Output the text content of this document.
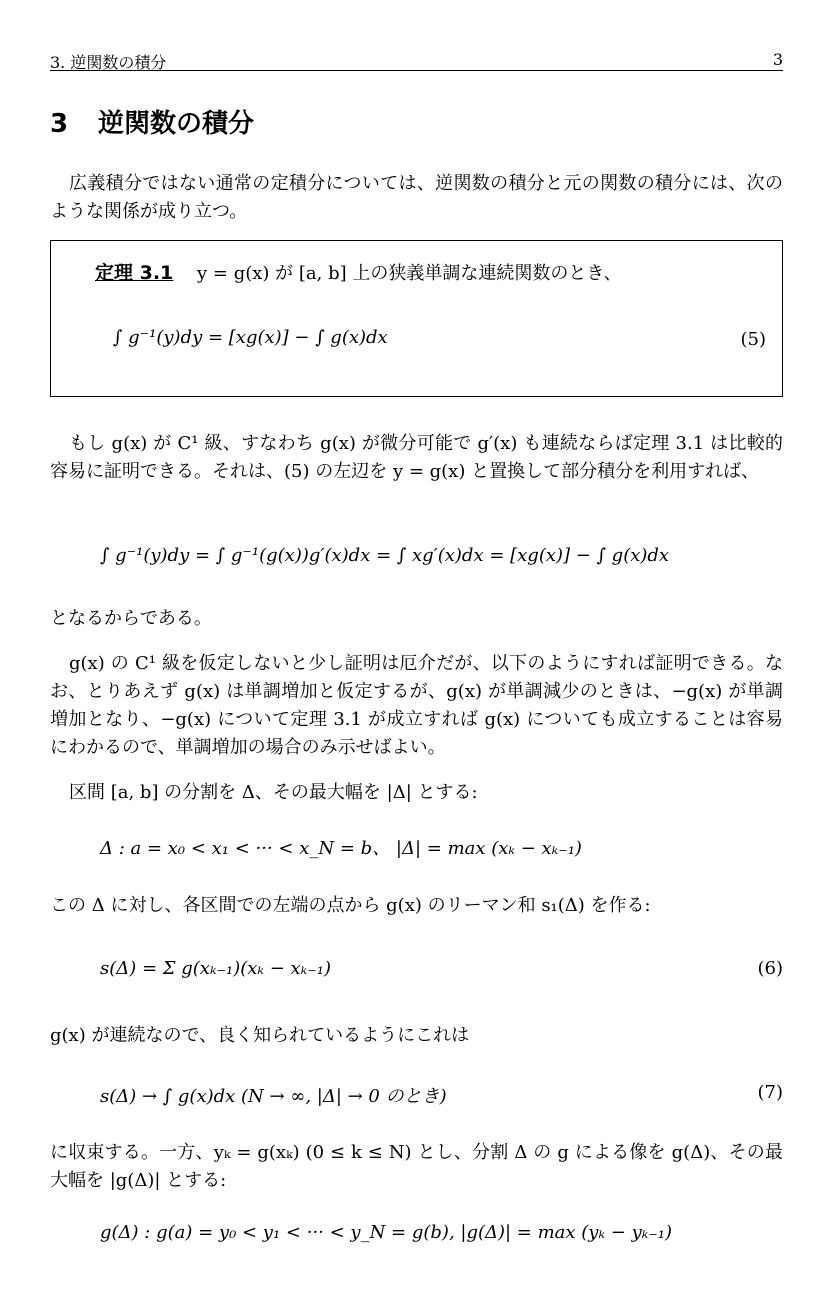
3. 逆関数の積分	3
3 逆関数の積分
広義積分ではない通常の定積分については、逆関数の積分と元の関数の積分には、次のような関係が成り立つ。
定理 3.1 y = g(x) が [a, b] 上の狭義単調な連続関数のとき、
∫ g⁻¹(y)dy = [xg(x)] − ∫ g(x)dx	(5)
もし g(x) が C¹ 級、すなわち g(x) が微分可能で g′(x) も連続ならば定理 3.1 は比較的容易に証明できる。それは、(5) の左辺を y = g(x) と置換して部分積分を利用すれば、
∫ g⁻¹(y)dy = ∫ g⁻¹(g(x))g′(x)dx = ∫ xg′(x)dx = [xg(x)] − ∫ g(x)dx
となるからである。
g(x) の C¹ 級を仮定しないと少し証明は厄介だが、以下のようにすれば証明できる。なお、とりあえず g(x) は単調増加と仮定するが、g(x) が単調減少のときは、−g(x) が単調増加となり、−g(x) について定理 3.1 が成立すれば g(x) についても成立することは容易にわかるので、単調増加の場合のみ示せばよい。
区間 [a, b] の分割を Δ、その最大幅を |Δ| とする:
Δ : a = x₀ < x₁ < ··· < x_N = b、 |Δ| = max (xₖ − xₖ₋₁)
この Δ に対し、各区間での左端の点から g(x) のリーマン和 s₁(Δ) を作る:
s(Δ) = Σ g(xₖ₋₁)(xₖ − xₖ₋₁)	(6)
g(x) が連続なので、良く知られているようにこれは
s(Δ) → ∫ g(x)dx (N → ∞, |Δ| → 0 のとき)	(7)
に収束する。一方、yₖ = g(xₖ) (0 ≤ k ≤ N) とし、分割 Δ の g による像を g(Δ)、その最大幅を |g(Δ)| とする:
g(Δ) : g(a) = y₀ < y₁ < ··· < y_N = g(b), |g(Δ)| = max (yₖ − yₖ₋₁)
